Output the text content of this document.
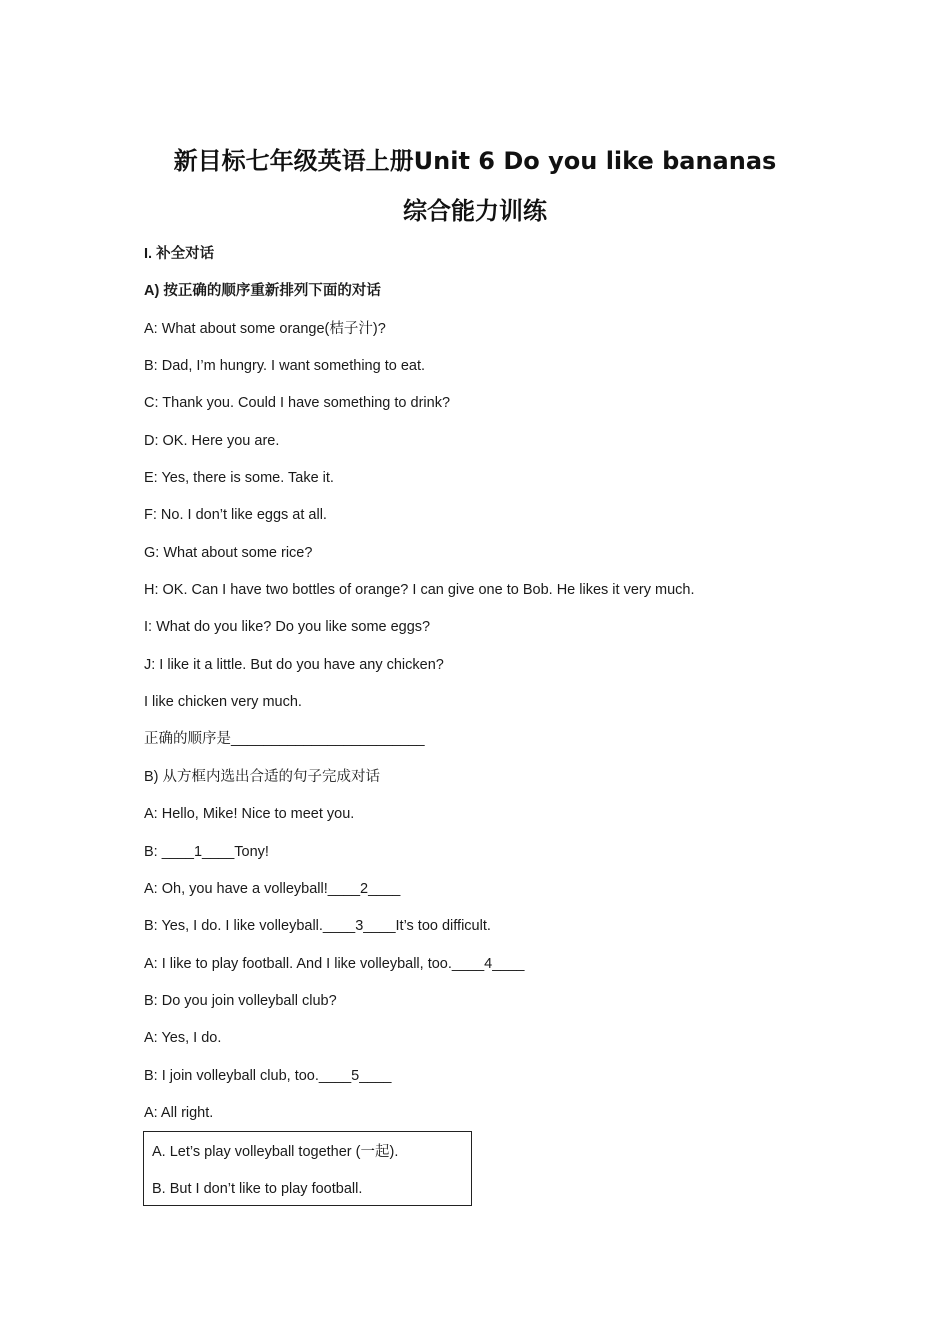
新目标七年级英语上册Unit 6 Do you like bananas
综合能力训练
I. 补全对话
A) 按正确的顺序重新排列下面的对话
A: What about some orange(桔子汁)?
B: Dad, I’m hungry. I want something to eat.
C: Thank you. Could I have something to drink?
D: OK. Here you are.
E: Yes, there is some. Take it.
F: No. I don’t like eggs at all.
G: What about some rice?
H: OK. Can I have two bottles of orange? I can give one to Bob. He likes it very much.
I: What do you like? Do you like some eggs?
J: I like it a little. But do you have any chicken?
I like chicken very much.
正确的顺序是________________________
B) 从方框内选出合适的句子完成对话
A: Hello, Mike! Nice to meet you.
B: ____1____Tony!
A: Oh, you have a volleyball!____2____
B: Yes, I do. I like volleyball.____3____It’s too difficult.
A: I like to play football. And I like volleyball, too.____4____
B: Do you join volleyball club?
A: Yes, I do.
B: I join volleyball club, too.____5____
A: All right.
A. Let’s play volleyball together (一起).
B. But I don’t like to play football.
